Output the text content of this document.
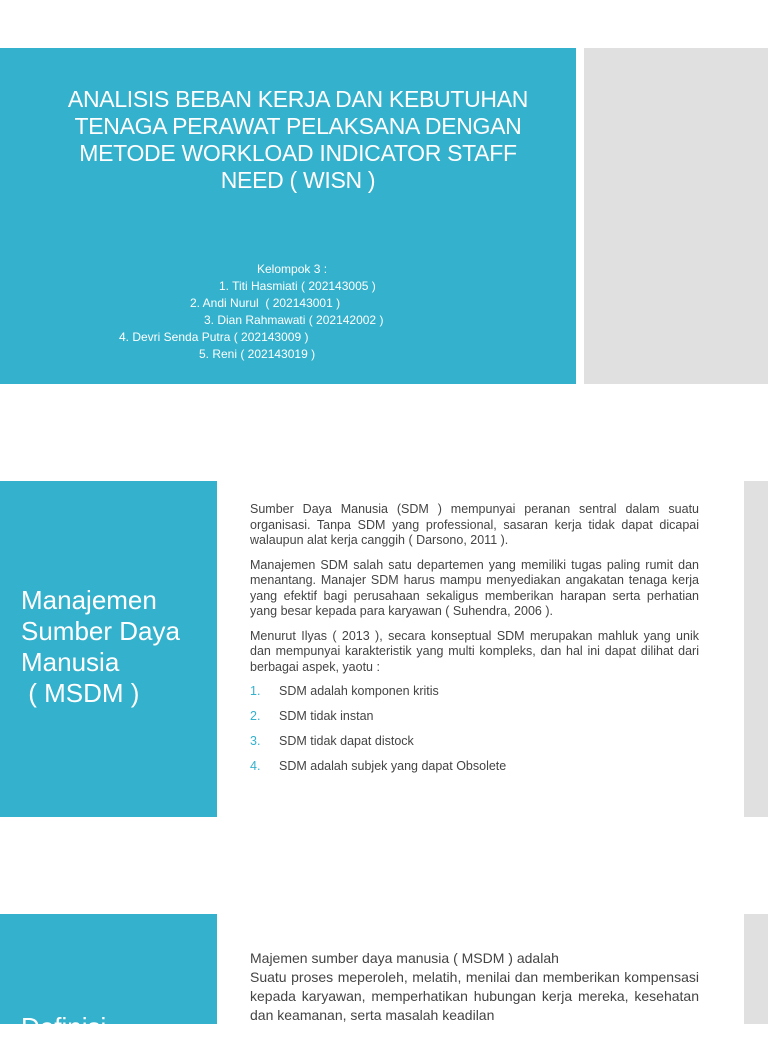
ANALISIS BEBAN KERJA DAN KEBUTUHAN
TENAGA PERAWAT PELAKSANA DENGAN
METODE WORKLOAD INDICATOR STAFF
NEED ( WISN )
Kelompok 3 :
1. Titi Hasmiati ( 202143005 )
2. Andi Nurul  ( 202143001 )
3. Dian Rahmawati ( 202142002 )
4. Devri Senda Putra ( 202143009 )
5. Reni ( 202143019 )
Manajemen
Sumber Daya
Manusia
( MSDM )

Sumber Daya Manusia (SDM ) mempunyai peranan sentral dalam suatu organisasi. Tanpa SDM yang professional, sasaran kerja tidak dapat dicapai walaupun alat kerja canggih ( Darsono, 2011 ).

Manajemen SDM salah satu departemen yang memiliki tugas paling rumit dan menantang. Manajer SDM harus mampu menyediakan angakatan tenaga kerja yang efektif bagi perusahaan sekaligus memberikan harapan serta perhatian yang besar kepada para karyawan ( Suhendra, 2006 ).

Menurut Ilyas ( 2013 ), secara konseptual SDM merupakan mahluk yang unik dan mempunyai karakteristik yang multi kompleks, dan hal ini dapat dilihat dari berbagai aspek, yaotu :

1.	SDM adalah komponen kritis
2.	SDM tidak instan
3.	SDM tidak dapat distock
4.	SDM adalah subjek yang dapat Obsolete
Definisi

Majemen sumber daya manusia ( MSDM ) adalah

Suatu proses meperoleh, melatih, menilai dan memberikan kompensasi kepada karyawan, memperhatikan hubungan kerja mereka, kesehatan dan keamanan, serta masalah keadilan
